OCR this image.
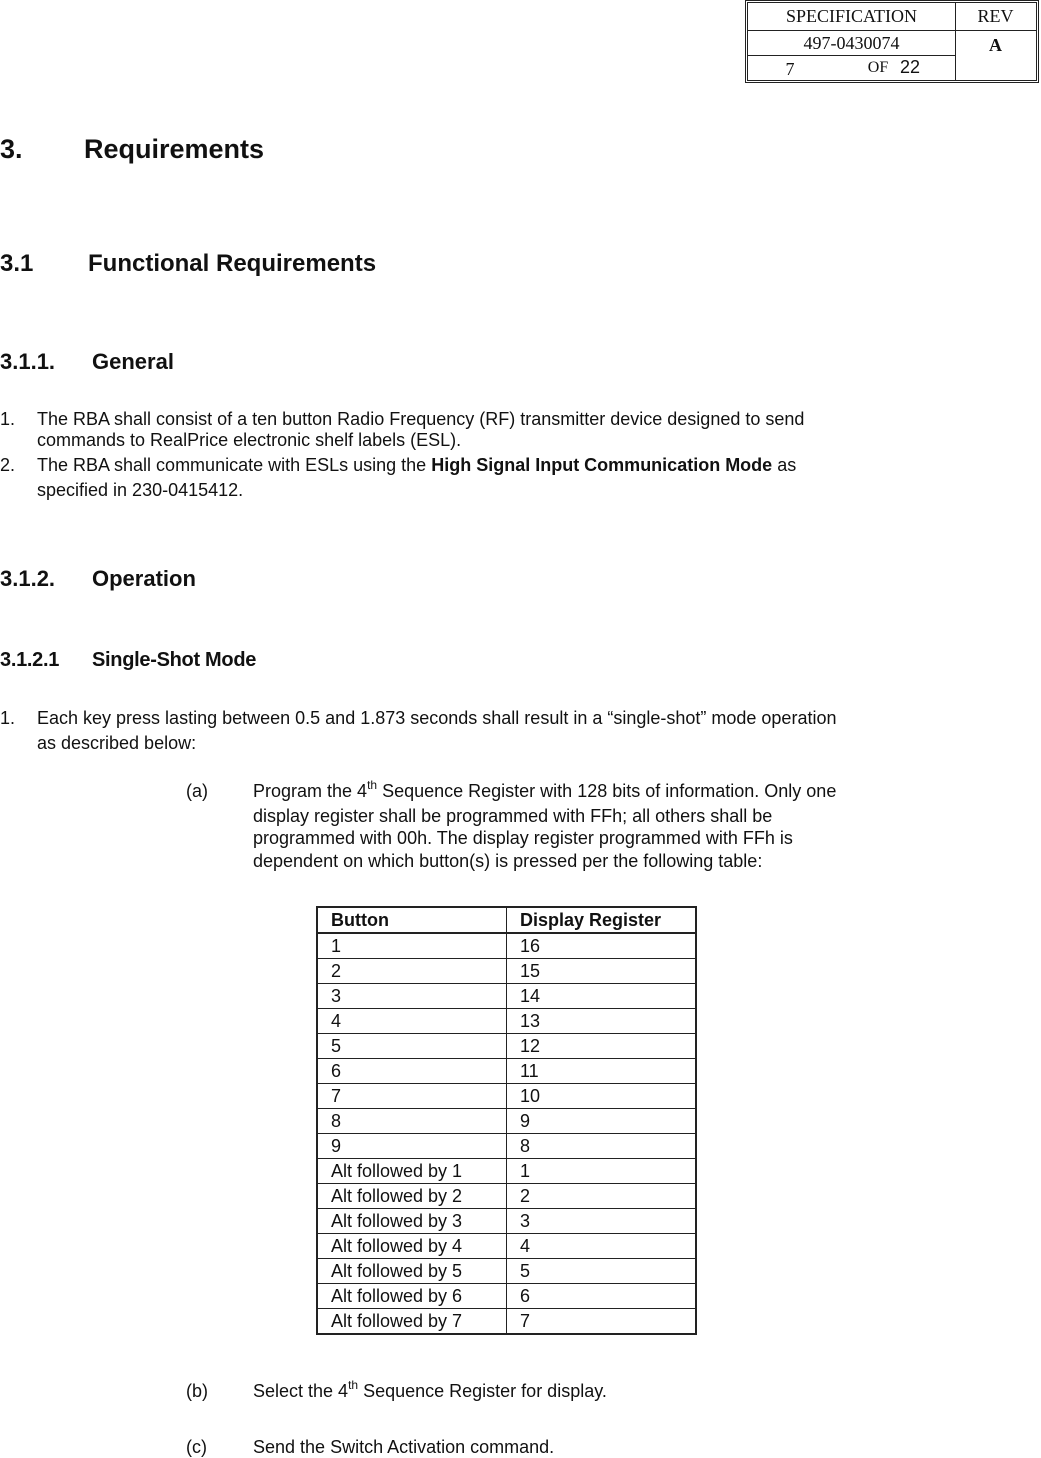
SPECIFICATION	REV
497-0430074	A
7	OF 22
3. Requirements
3.1 Functional Requirements
3.1.1. General
1. The RBA shall consist of a ten button Radio Frequency (RF) transmitter device designed to send
commands to RealPrice electronic shelf labels (ESL).
2. The RBA shall communicate with ESLs using the High Signal Input Communication Mode as
specified in 230-0415412.
3.1.2. Operation
3.1.2.1 Single-Shot Mode
1. Each key press lasting between 0.5 and 1.873 seconds shall result in a “single-shot” mode operation
as described below:
(a)	Program the 4th Sequence Register with 128 bits of information. Only one
display register shall be programmed with FFh; all others shall be
programmed with 00h. The display register programmed with FFh is
dependent on which button(s) is pressed per the following table:
Button	Display Register
1	16
2	15
3	14
4	13
5	12
6	11
7	10
8	9
9	8
Alt followed by 1	1
Alt followed by 2	2
Alt followed by 3	3
Alt followed by 4	4
Alt followed by 5	5
Alt followed by 6	6
Alt followed by 7	7
(b)	Select the 4th Sequence Register for display.
(c)	Send the Switch Activation command.
